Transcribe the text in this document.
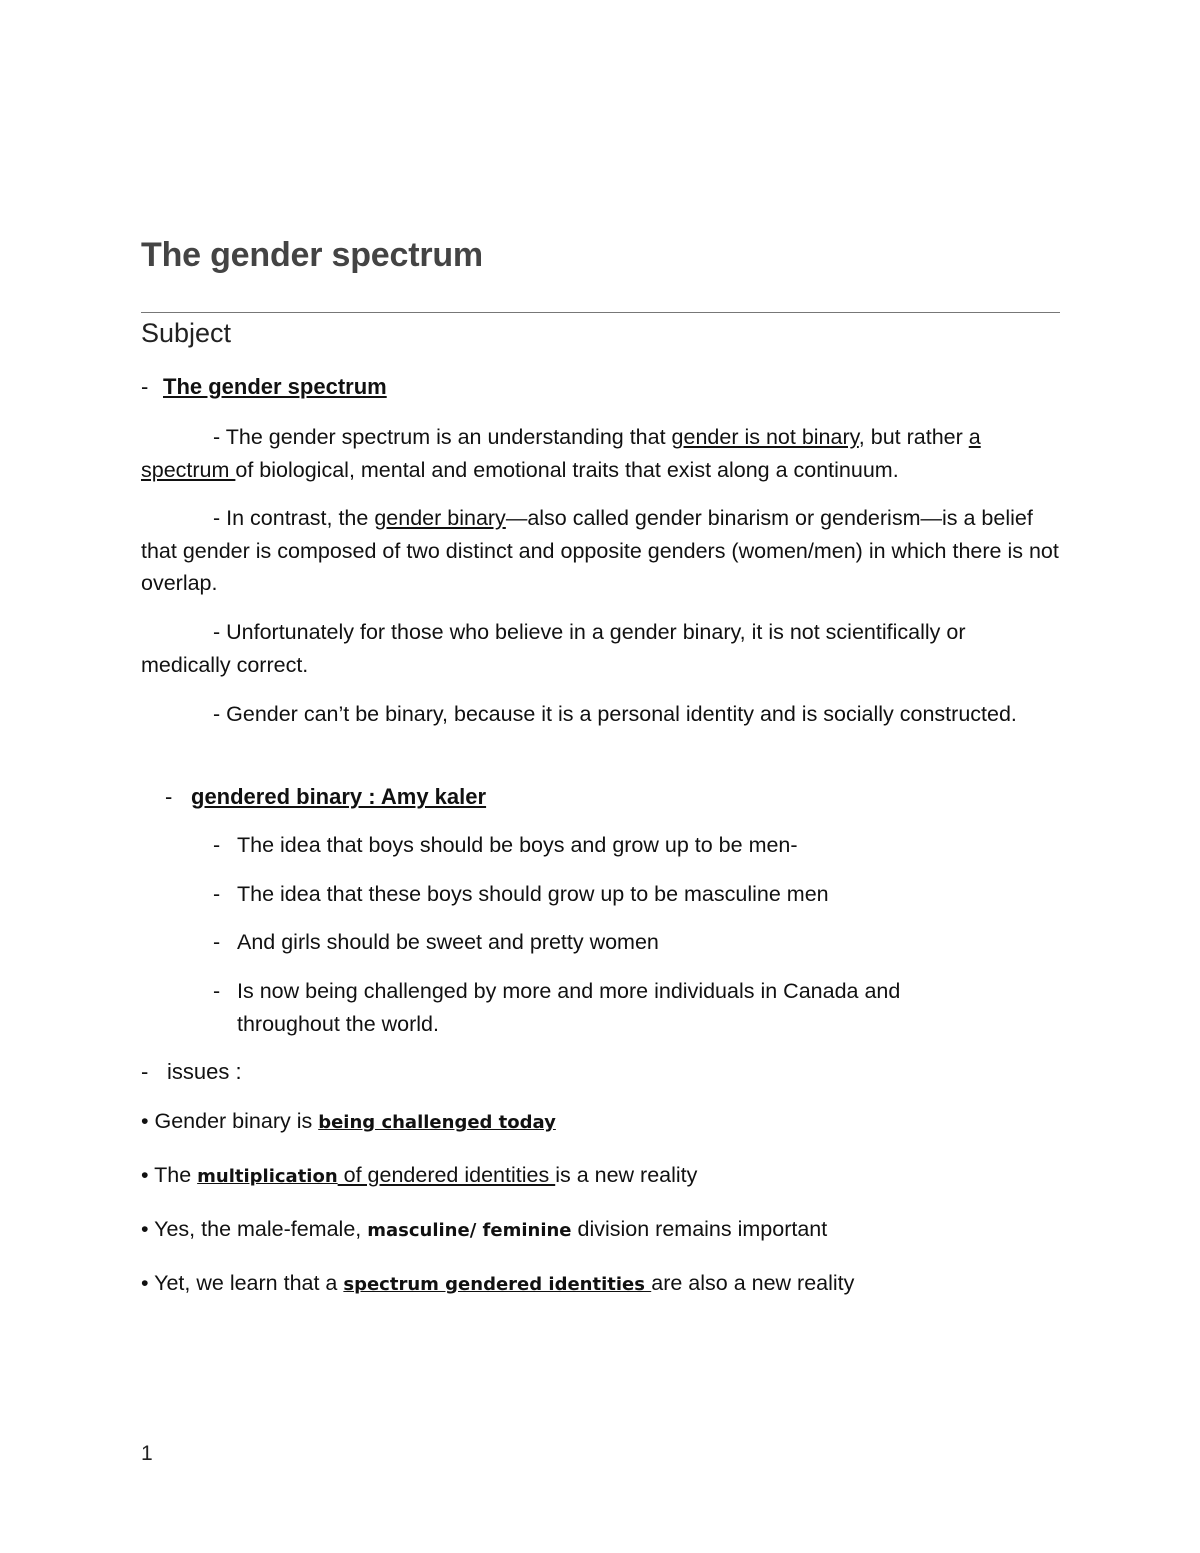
The gender spectrum
Subject
- The gender spectrum

- The gender spectrum is an understanding that gender is not binary, but rather a spectrum of biological, mental and emotional traits that exist along a continuum.

- In contrast, the gender binary—also called gender binarism or genderism—is a belief that gender is composed of two distinct and opposite genders (women/men) in which there is not overlap.

- Unfortunately for those who believe in a gender binary, it is not scientifically or medically correct.

- Gender can’t be binary, because it is a personal identity and is socially constructed.

- gendered binary : Amy kaler
- The idea that boys should be boys and grow up to be men-
- The idea that these boys should grow up to be masculine men
- And girls should be sweet and pretty women
- Is now being challenged by more and more individuals in Canada and throughout the world.
- issues :
• Gender binary is being challenged today
• The multiplication of gendered identities is a new reality
• Yes, the male-female, masculine/ feminine division remains important
• Yet, we learn that a spectrum gendered identities are also a new reality
1
